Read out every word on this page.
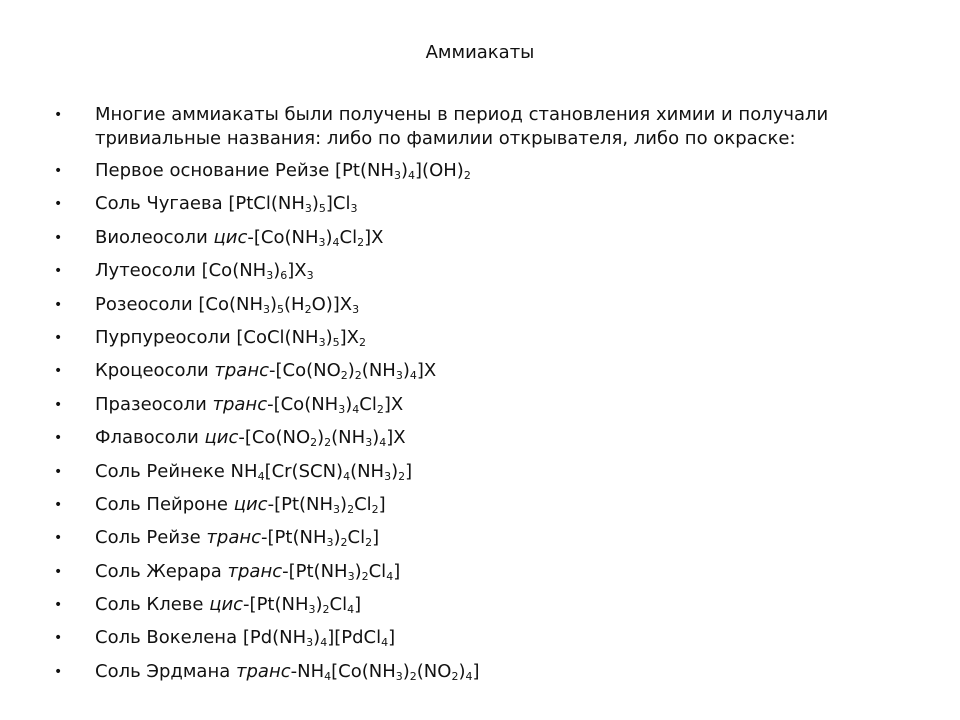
Аммиакаты
• Многие аммиакаты были получены в период становления химии и получали тривиальные названия: либо по фамилии открывателя, либо по окраске:
• Первое основание Рейзе $[Pt(NH_3)_4](OH)_2$
• Соль Чугаева $[PtCl(NH_3)_5]Cl_3$
• Виолеосоли цис-$[Co(NH_3)_4Cl_2]X$
• Лутеосоли $[Co(NH_3)_6]X_3$
• Розеосоли $[Co(NH_3)_5(H_2O)]X_3$
• Пурпуреосоли $[CoCl(NH_3)_5]X_2$
• Кроцеосоли транс-$[Co(NO_2)_2(NH_3)_4]X$
• Празеосоли транс-$[Co(NH_3)_4Cl_2]X$
• Флавосоли цис-$[Co(NO_2)_2(NH_3)_4]X$
• Соль Рейнеке $NH_4[Cr(SCN)_4(NH_3)_2]$
• Соль Пейроне цис-$[Pt(NH_3)_2Cl_2]$
• Соль Рейзе транс-$[Pt(NH_3)_2Cl_2]$
• Соль Жерара транс-$[Pt(NH_3)_2Cl_4]$
• Соль Клеве цис-$[Pt(NH_3)_2Cl_4]$
• Соль Вокелена $[Pd(NH_3)_4][PdCl_4]$
• Соль Эрдмана транс-$NH_4[Co(NH_3)_2(NO_2)_4]$
